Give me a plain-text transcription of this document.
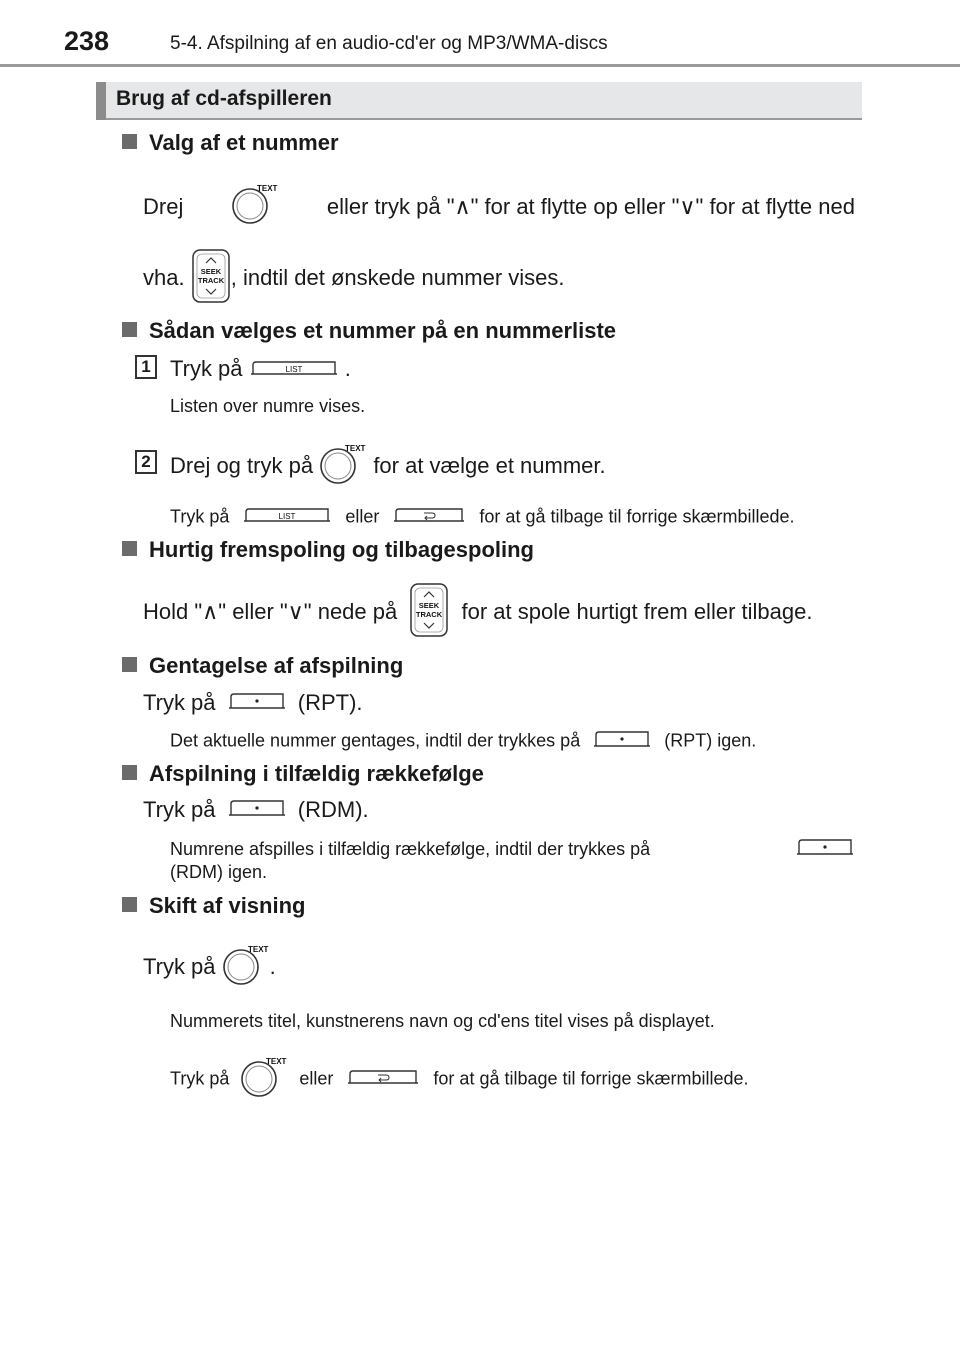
238	5-4. Afspilning af en audio-cd'er og MP3/WMA-discs
Brug af cd-afspilleren
Valg af et nummer
Drej
TEXT
eller tryk på "∧" for at flytte op eller "∨" for at flytte ned
vha. SEEK
TRACK , indtil det ønskede nummer vises.
Sådan vælges et nummer på en nummerliste
1 Tryk på	LIST .
Listen over numre vises.
2 Drej og tryk på
TEXT
for at vælge et nummer.
Tryk på	LIST	eller	for at gå tilbage til forrige skærmbillede.
Hurtig fremspoling og tilbagespoling
Hold "∧" eller "∨" nede på	SEEK
TRACK for at spole hurtigt frem eller tilbage.
Gentagelse af afspilning
Tryk på	(RPT).
Det aktuelle nummer gentages, indtil der trykkes på	(RPT) igen.
Afspilning i tilfældig rækkefølge
Tryk på	(RDM).
Numrene afspilles i tilfældig rækkefølge, indtil der trykkes på
(RDM) igen.
Skift af visning
Tryk på
TEXT
.
Nummerets titel, kunstnerens navn og cd'ens titel vises på displayet.
Tryk på
TEXT
eller	for at gå tilbage til forrige skærmbillede.
